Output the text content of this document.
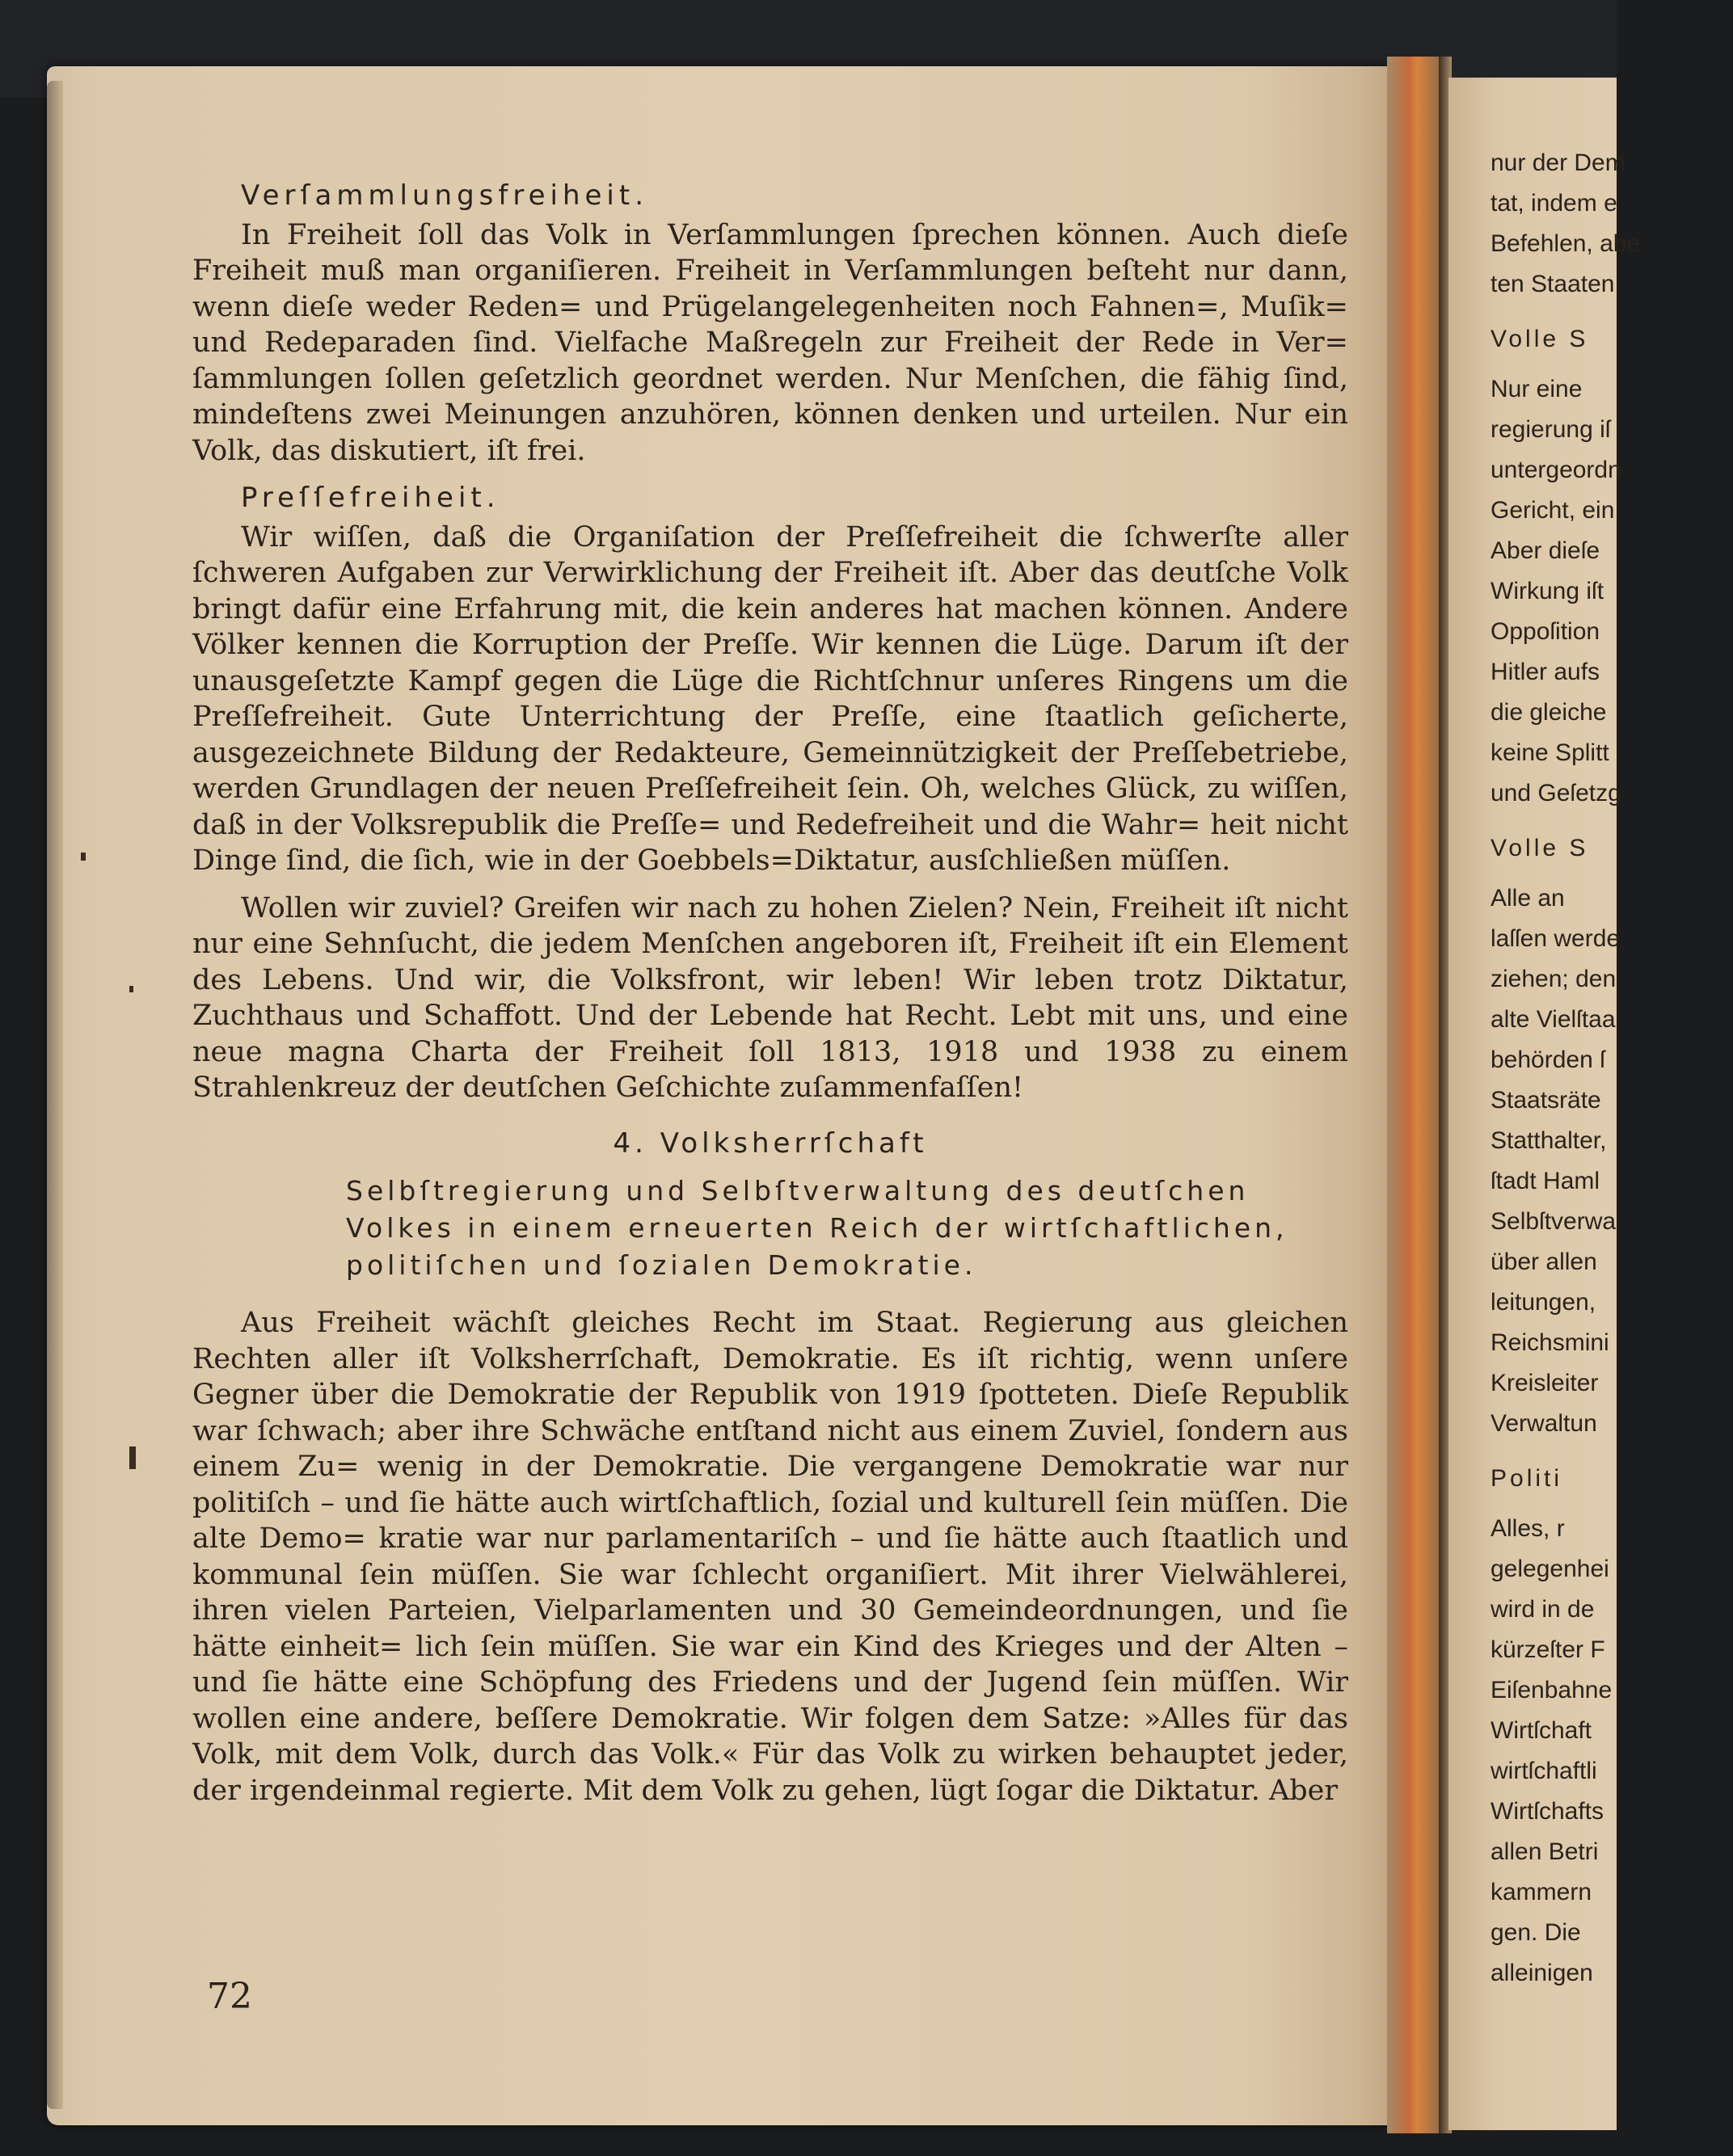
Verſammlungsfreiheit.

In Freiheit ſoll das Volk in Verſammlungen ſprechen können. Auch dieſe Freiheit muß man organiſieren. Freiheit in Verſammlungen beſteht nur dann, wenn dieſe weder Reden= und Prügelangelegenheiten noch Fahnen=, Muſik= und Redeparaden ſind. Vielfache Maßregeln zur Freiheit der Rede in Ver= ſammlungen ſollen geſetzlich geordnet werden. Nur Menſchen, die fähig ſind, mindeſtens zwei Meinungen anzuhören, können denken und urteilen. Nur ein Volk, das diskutiert, iſt frei.

Preſſefreiheit.

Wir wiſſen, daß die Organiſation der Preſſefreiheit die ſchwerſte aller ſchweren Aufgaben zur Verwirklichung der Freiheit iſt. Aber das deutſche Volk bringt dafür eine Erfahrung mit, die kein anderes hat machen können. Andere Völker kennen die Korruption der Preſſe. Wir kennen die Lüge. Darum iſt der unausgeſetzte Kampf gegen die Lüge die Richtſchnur unſeres Ringens um die Preſſefreiheit. Gute Unterrichtung der Preſſe, eine ſtaatlich geſicherte, ausgezeichnete Bildung der Redakteure, Gemeinnützigkeit der Preſſebetriebe, werden Grundlagen der neuen Preſſefreiheit ſein. Oh, welches Glück, zu wiſſen, daß in der Volksrepublik die Preſſe= und Redefreiheit und die Wahr= heit nicht Dinge ſind, die ſich, wie in der Goebbels=Diktatur, ausſchließen müſſen.

Wollen wir zuviel? Greifen wir nach zu hohen Zielen? Nein, Freiheit iſt nicht nur eine Sehnſucht, die jedem Menſchen angeboren iſt, Freiheit iſt ein Element des Lebens. Und wir, die Volksfront, wir leben! Wir leben trotz Diktatur, Zuchthaus und Schaffott. Und der Lebende hat Recht. Lebt mit uns, und eine neue magna Charta der Freiheit ſoll 1813, 1918 und 1938 zu einem Strahlenkreuz der deutſchen Geſchichte zuſammenfaſſen!

4. Volksherrſchaft
Selbſtregierung und Selbſtverwaltung des deutſchen
Volkes in einem erneuerten Reich der wirtſchaftlichen,
politiſchen und ſozialen Demokratie.

Aus Freiheit wächſt gleiches Recht im Staat. Regierung aus gleichen Rechten aller iſt Volksherrſchaft, Demokratie. Es iſt richtig, wenn unſere Gegner über die Demokratie der Republik von 1919 ſpotteten. Dieſe Republik war ſchwach; aber ihre Schwäche entſtand nicht aus einem Zuviel, ſondern aus einem Zu= wenig in der Demokratie. Die vergangene Demokratie war nur politiſch – und ſie hätte auch wirtſchaftlich, ſozial und kulturell ſein müſſen. Die alte Demo= kratie war nur parlamentariſch – und ſie hätte auch ſtaatlich und kommunal ſein müſſen. Sie war ſchlecht organiſiert. Mit ihrer Vielwählerei, ihren vielen Parteien, Vielparlamenten und 30 Gemeindeordnungen, und ſie hätte einheit= lich ſein müſſen. Sie war ein Kind des Krieges und der Alten – und ſie hätte eine Schöpfung des Friedens und der Jugend ſein müſſen. Wir wollen eine andere, beſſere Demokratie. Wir folgen dem Satze: »Alles für das Volk, mit dem Volk, durch das Volk.« Für das Volk zu wirken behauptet jeder, der irgendeinmal regierte. Mit dem Volk zu gehen, lügt ſogar die Diktatur. Aber

72
nur der Dem
tat, indem e
Befehlen, abe
ten Staaten
Volle S
Nur eine
regierung iſ
untergeordn
Gericht, ein
Aber dieſe
Wirkung iſt
Oppoſition
Hitler aufs
die gleiche
keine Splitt
und Geſetzg
Volle S
Alle an
laſſen werde
ziehen; den
alte Vielſtaa
behörden ſ
Staatsräte
Statthalter,
ſtadt Haml
Selbſtverwa
über allen
leitungen,
Reichsmini
Kreisleiter
Verwaltun
Politi
Alles, r
gelegenhei
wird in de
kürzeſter F
Eiſenbahne
Wirtſchaft
wirtſchaftli
Wirtſchafts
allen Betri
kammern
gen. Die
alleinigen
